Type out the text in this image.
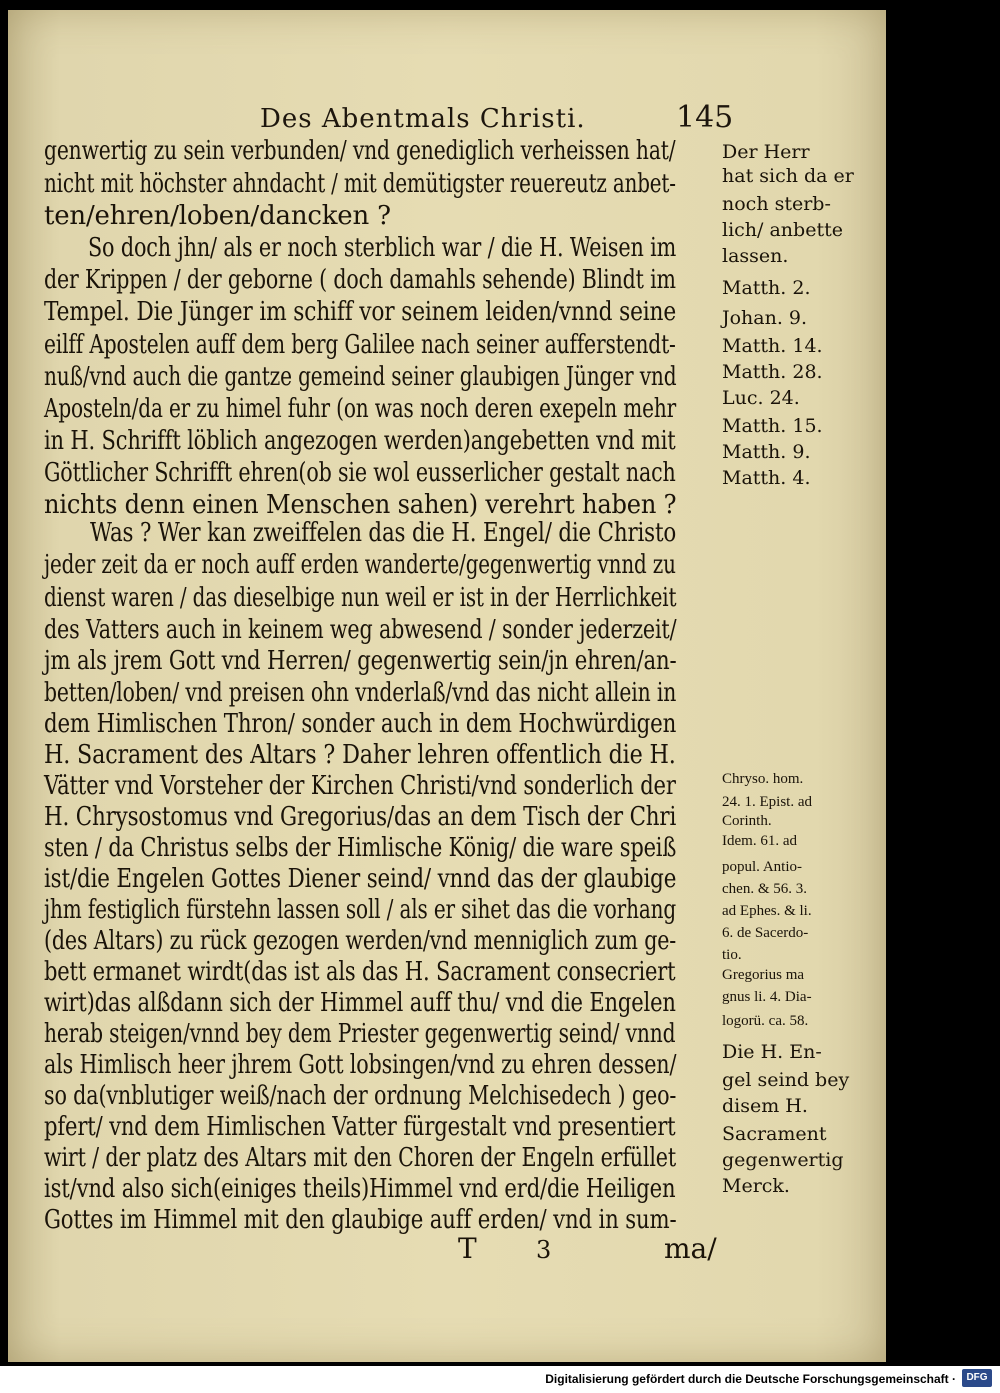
Des Abentmals Christi.	145
genwertig zu sein verbunden/ vnd genediglich verheissen hat/
nicht mit höchster ahndacht / mit demütigster reuereutz anbet-
ten/ehren/loben/dancken ?
So doch jhn/ als er noch sterblich war / die H. Weisen im
der Krippen / der geborne ( doch damahls sehende) Blindt im
Tempel. Die Jünger im schiff vor seinem leiden/vnnd seine
eilff Apostelen auff dem berg Galilee nach seiner aufferstendt-
nuß/vnd auch die gantze gemeind seiner glaubigen Jünger vnd
Aposteln/da er zu himel fuhr (on was noch deren exepeln mehr
in H. Schrifft löblich angezogen werden)angebetten vnd mit
Göttlicher Schrifft ehren(ob sie wol eusserlicher gestalt nach
nichts denn einen Menschen sahen) verehrt haben ?
Was ? Wer kan zweiffelen das die H. Engel/ die Christo
jeder zeit da er noch auff erden wanderte/gegenwertig vnnd zu
dienst waren / das dieselbige nun weil er ist in der Herrlichkeit
des Vatters auch in keinem weg abwesend / sonder jederzeit/
jm als jrem Gott vnd Herren/ gegenwertig sein/jn ehren/an-
betten/loben/ vnd preisen ohn vnderlaß/vnd das nicht allein in
dem Himlischen Thron/ sonder auch in dem Hochwürdigen
H. Sacrament des Altars ? Daher lehren offentlich die H.
Vätter vnd Vorsteher der Kirchen Christi/vnd sonderlich der
H. Chrysostomus vnd Gregorius/das an dem Tisch der Chri
sten / da Christus selbs der Himlische König/ die ware speiß
ist/die Engelen Gottes Diener seind/ vnnd das der glaubige
jhm festiglich fürstehn lassen soll / als er sihet das die vorhang
(des Altars) zu rück gezogen werden/vnd menniglich zum ge-
bett ermanet wirdt(das ist als das H. Sacrament consecriert
wirt)das alßdann sich der Himmel auff thu/ vnd die Engelen
herab steigen/vnnd bey dem Priester gegenwertig seind/ vnnd
als Himlisch heer jhrem Gott lobsingen/vnd zu ehren dessen/
so da(vnblutiger weiß/nach der ordnung Melchisedech ) geo-
pfert/ vnd dem Himlischen Vatter fürgestalt vnd presentiert
wirt / der platz des Altars mit den Choren der Engeln erfüllet
ist/vnd also sich(einiges theils)Himmel vnd erd/die Heiligen
Gottes im Himmel mit den glaubige auff erden/ vnd in sum-
T 3	ma/
Der Herr
hat sich da er
noch sterb-
lich/ anbette
lassen.
Matth. 2.
Johan. 9.
Matth. 14.
Matth. 28.
Luc. 24.
Matth. 15.
Matth. 9.
Matth. 4.
Chryso. hom.
24. 1. Epist. ad
Corinth.
Idem. 61. ad
popul. Antio-
chen. & 56. 3.
ad Ephes. & li.
6. de Sacerdo-
tio.
Gregorius ma
gnus li. 4. Dia-
logorü. ca. 58.
Die H. En-
gel seind bey
disem H.
Sacrament
gegenwertig
Merck.
Digitalisierung gefördert durch die Deutsche Forschungsgemeinschaft ·	DFG
